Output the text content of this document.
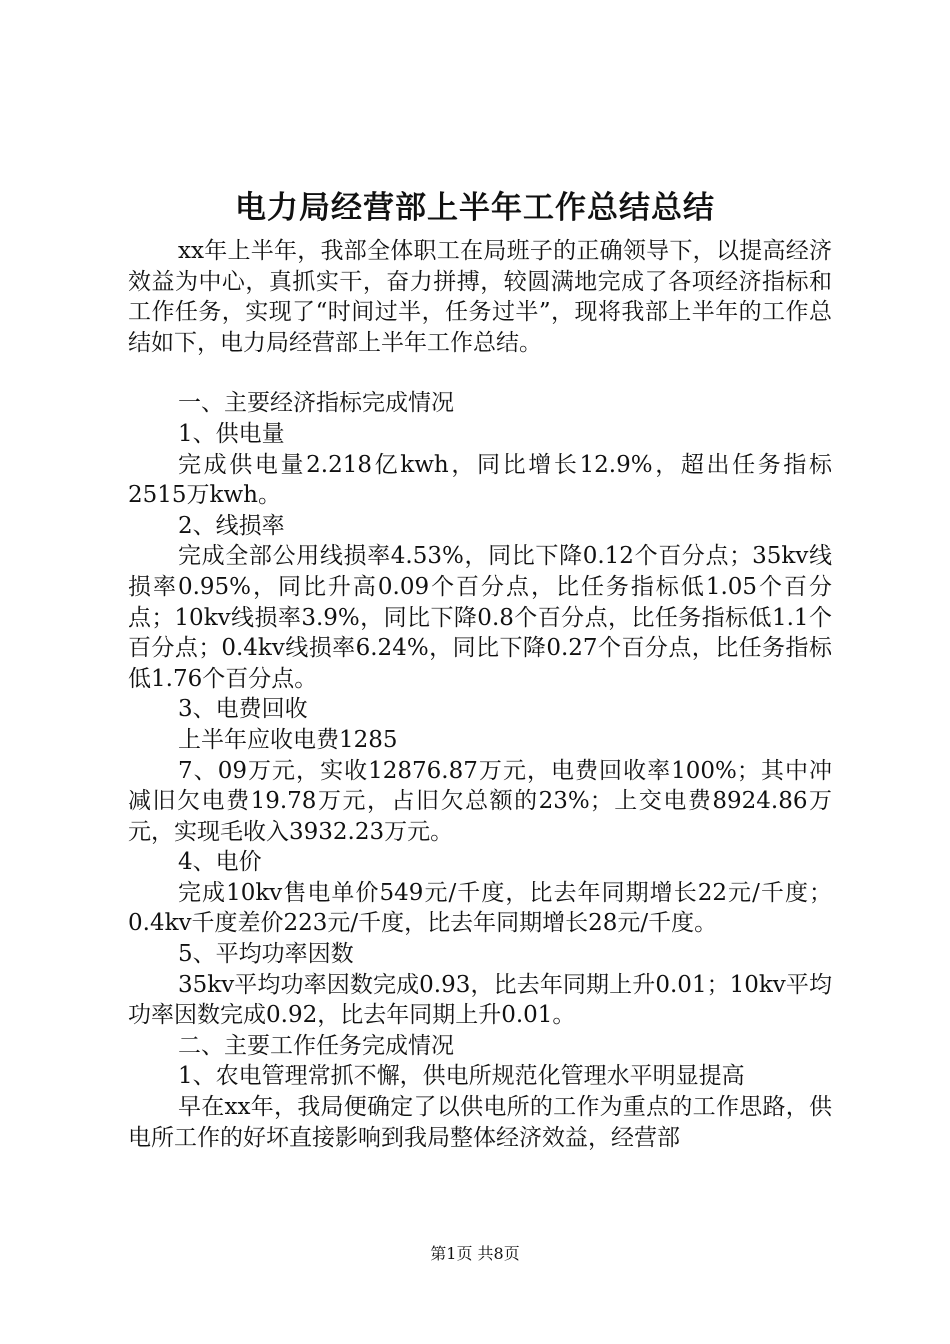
电力局经营部上半年工作总结总结

xx年上半年，我部全体职工在局班子的正确领导下，以提高经济效益为中心，真抓实干，奋力拼搏，较圆满地完成了各项经济指标和工作任务，实现了“时间过半，任务过半”，现将我部上半年的工作总结如下，电力局经营部上半年工作总结。

一、主要经济指标完成情况

1、供电量

完成供电量2.218亿kwh，同比增长12.9%，超出任务指标2515万kwh。

2、线损率

完成全部公用线损率4.53%，同比下降0.12个百分点；35kv线损率0.95%，同比升高0.09个百分点，比任务指标低1.05个百分点；10kv线损率3.9%，同比下降0.8个百分点，比任务指标低1.1个百分点；0.4kv线损率6.24%，同比下降0.27个百分点，比任务指标低1.76个百分点。

3、电费回收

上半年应收电费1285

7、09万元，实收12876.87万元，电费回收率100%；其中冲减旧欠电费19.78万元，占旧欠总额的23%；上交电费8924.86万元，实现毛收入3932.23万元。

4、电价

完成10kv售电单价549元/千度，比去年同期增长22元/千度；0.4kv千度差价223元/千度，比去年同期增长28元/千度。

5、平均功率因数

35kv平均功率因数完成0.93，比去年同期上升0.01；10kv平均功率因数完成0.92，比去年同期上升0.01。

二、主要工作任务完成情况

1、农电管理常抓不懈，供电所规范化管理水平明显提高

早在xx年，我局便确定了以供电所的工作为重点的工作思路，供电所工作的好坏直接影响到我局整体经济效益，经营部

第1页 共8页
